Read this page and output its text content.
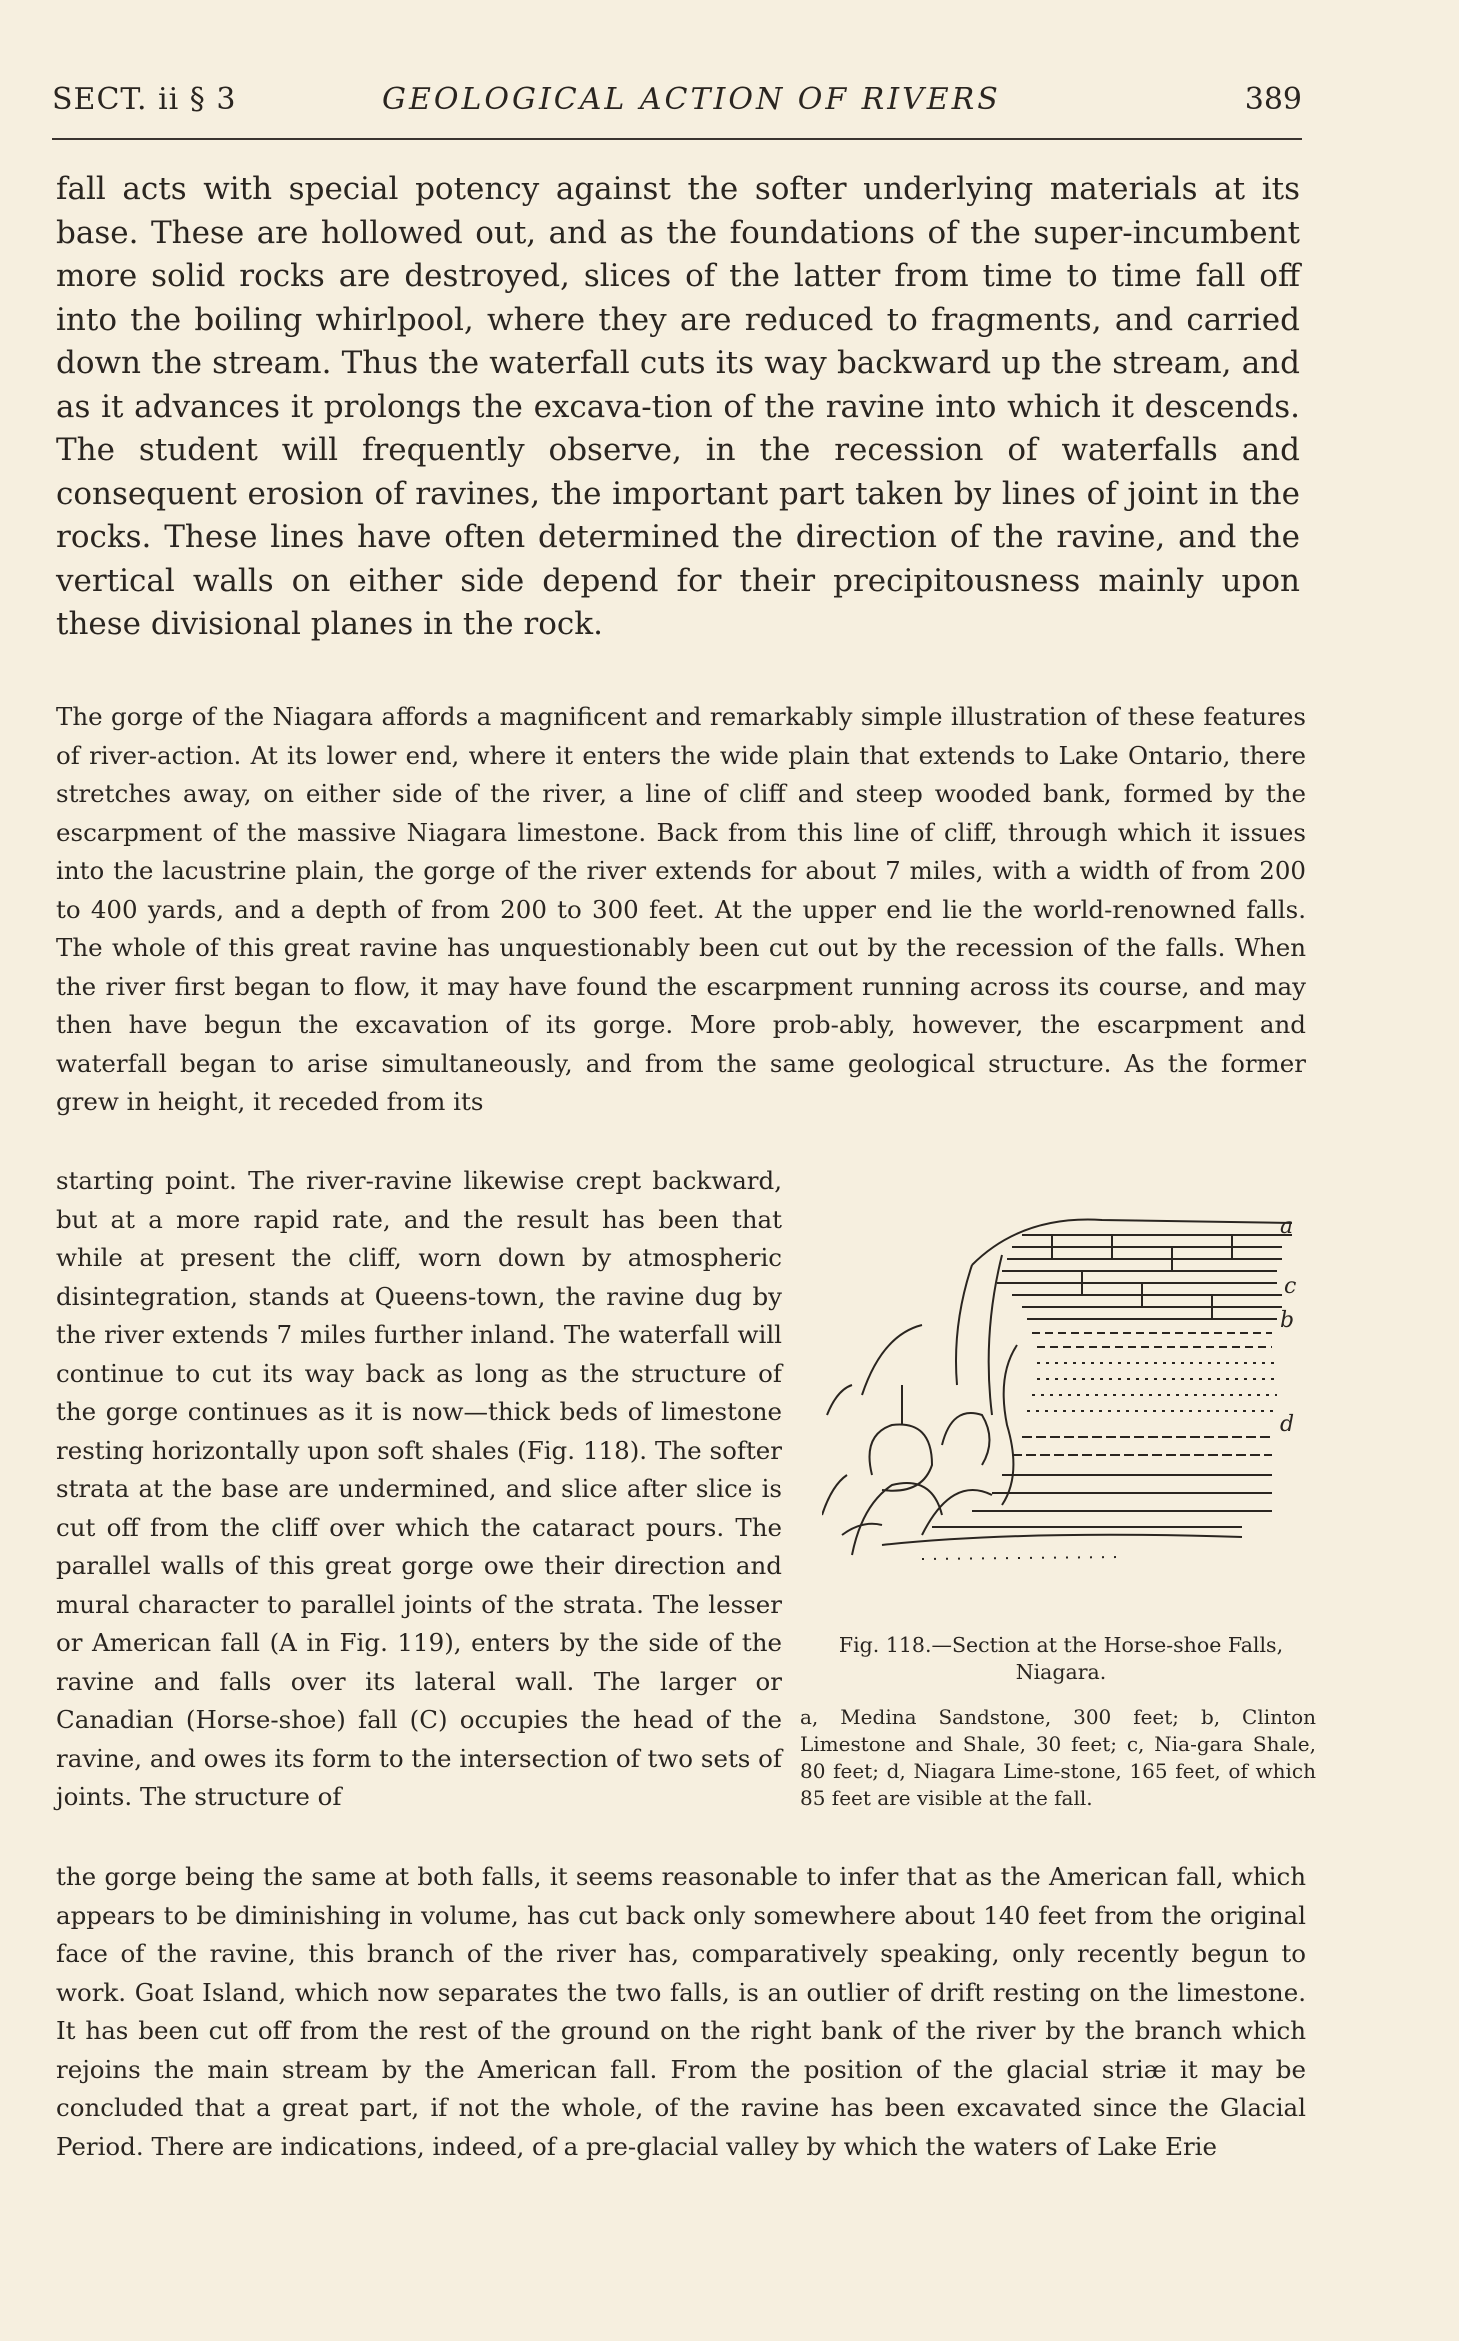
SECT. ii § 3	GEOLOGICAL ACTION OF RIVERS	389

fall acts with special potency against the softer underlying materials at its base. These are hollowed out, and as the foundations of the super-incumbent more solid rocks are destroyed, slices of the latter from time to time fall off into the boiling whirlpool, where they are reduced to fragments, and carried down the stream. Thus the waterfall cuts its way backward up the stream, and as it advances it prolongs the excava-tion of the ravine into which it descends. The student will frequently observe, in the recession of waterfalls and consequent erosion of ravines, the important part taken by lines of joint in the rocks. These lines have often determined the direction of the ravine, and the vertical walls on either side depend for their precipitousness mainly upon these divisional planes in the rock.

The gorge of the Niagara affords a magnificent and remarkably simple illustration of these features of river-action. At its lower end, where it enters the wide plain that extends to Lake Ontario, there stretches away, on either side of the river, a line of cliff and steep wooded bank, formed by the escarpment of the massive Niagara limestone. Back from this line of cliff, through which it issues into the lacustrine plain, the gorge of the river extends for about 7 miles, with a width of from 200 to 400 yards, and a depth of from 200 to 300 feet. At the upper end lie the world-renowned falls. The whole of this great ravine has unquestionably been cut out by the recession of the falls. When the river first began to flow, it may have found the escarpment running across its course, and may then have begun the excavation of its gorge. More prob-ably, however, the escarpment and waterfall began to arise simultaneously, and from the same geological structure. As the former grew in height, it receded from its

starting point. The river-ravine likewise crept backward, but at a more rapid rate, and the result has been that while at present the cliff, worn down by atmospheric disintegration, stands at Queens-town, the ravine dug by the river extends 7 miles further inland. The waterfall will continue to cut its way back as long as the structure of the gorge continues as it is now—thick beds of limestone resting horizontally upon soft shales (Fig. 118). The softer strata at the base are undermined, and slice after slice is cut off from the cliff over which the cataract pours. The parallel walls of this great gorge owe their direction and mural character to parallel joints of the strata. The lesser or American fall (A in Fig. 119), enters by the side of the ravine and falls over its lateral wall. The larger or Canadian (Horse-shoe) fall (C) occupies the head of the ravine, and owes its form to the intersection of two sets of joints. The structure of

a
c
b
d

Fig. 118.—Section at the Horse-shoe Falls, Niagara.

a, Medina Sandstone, 300 feet; b, Clinton Limestone and Shale, 30 feet; c, Nia-gara Shale, 80 feet; d, Niagara Lime-stone, 165 feet, of which 85 feet are visible at the fall.

the gorge being the same at both falls, it seems reasonable to infer that as the American fall, which appears to be diminishing in volume, has cut back only somewhere about 140 feet from the original face of the ravine, this branch of the river has, comparatively speaking, only recently begun to work. Goat Island, which now separates the two falls, is an outlier of drift resting on the limestone. It has been cut off from the rest of the ground on the right bank of the river by the branch which rejoins the main stream by the American fall. From the position of the glacial striæ it may be concluded that a great part, if not the whole, of the ravine has been excavated since the Glacial Period. There are indications, indeed, of a pre-glacial valley by which the waters of Lake Erie
